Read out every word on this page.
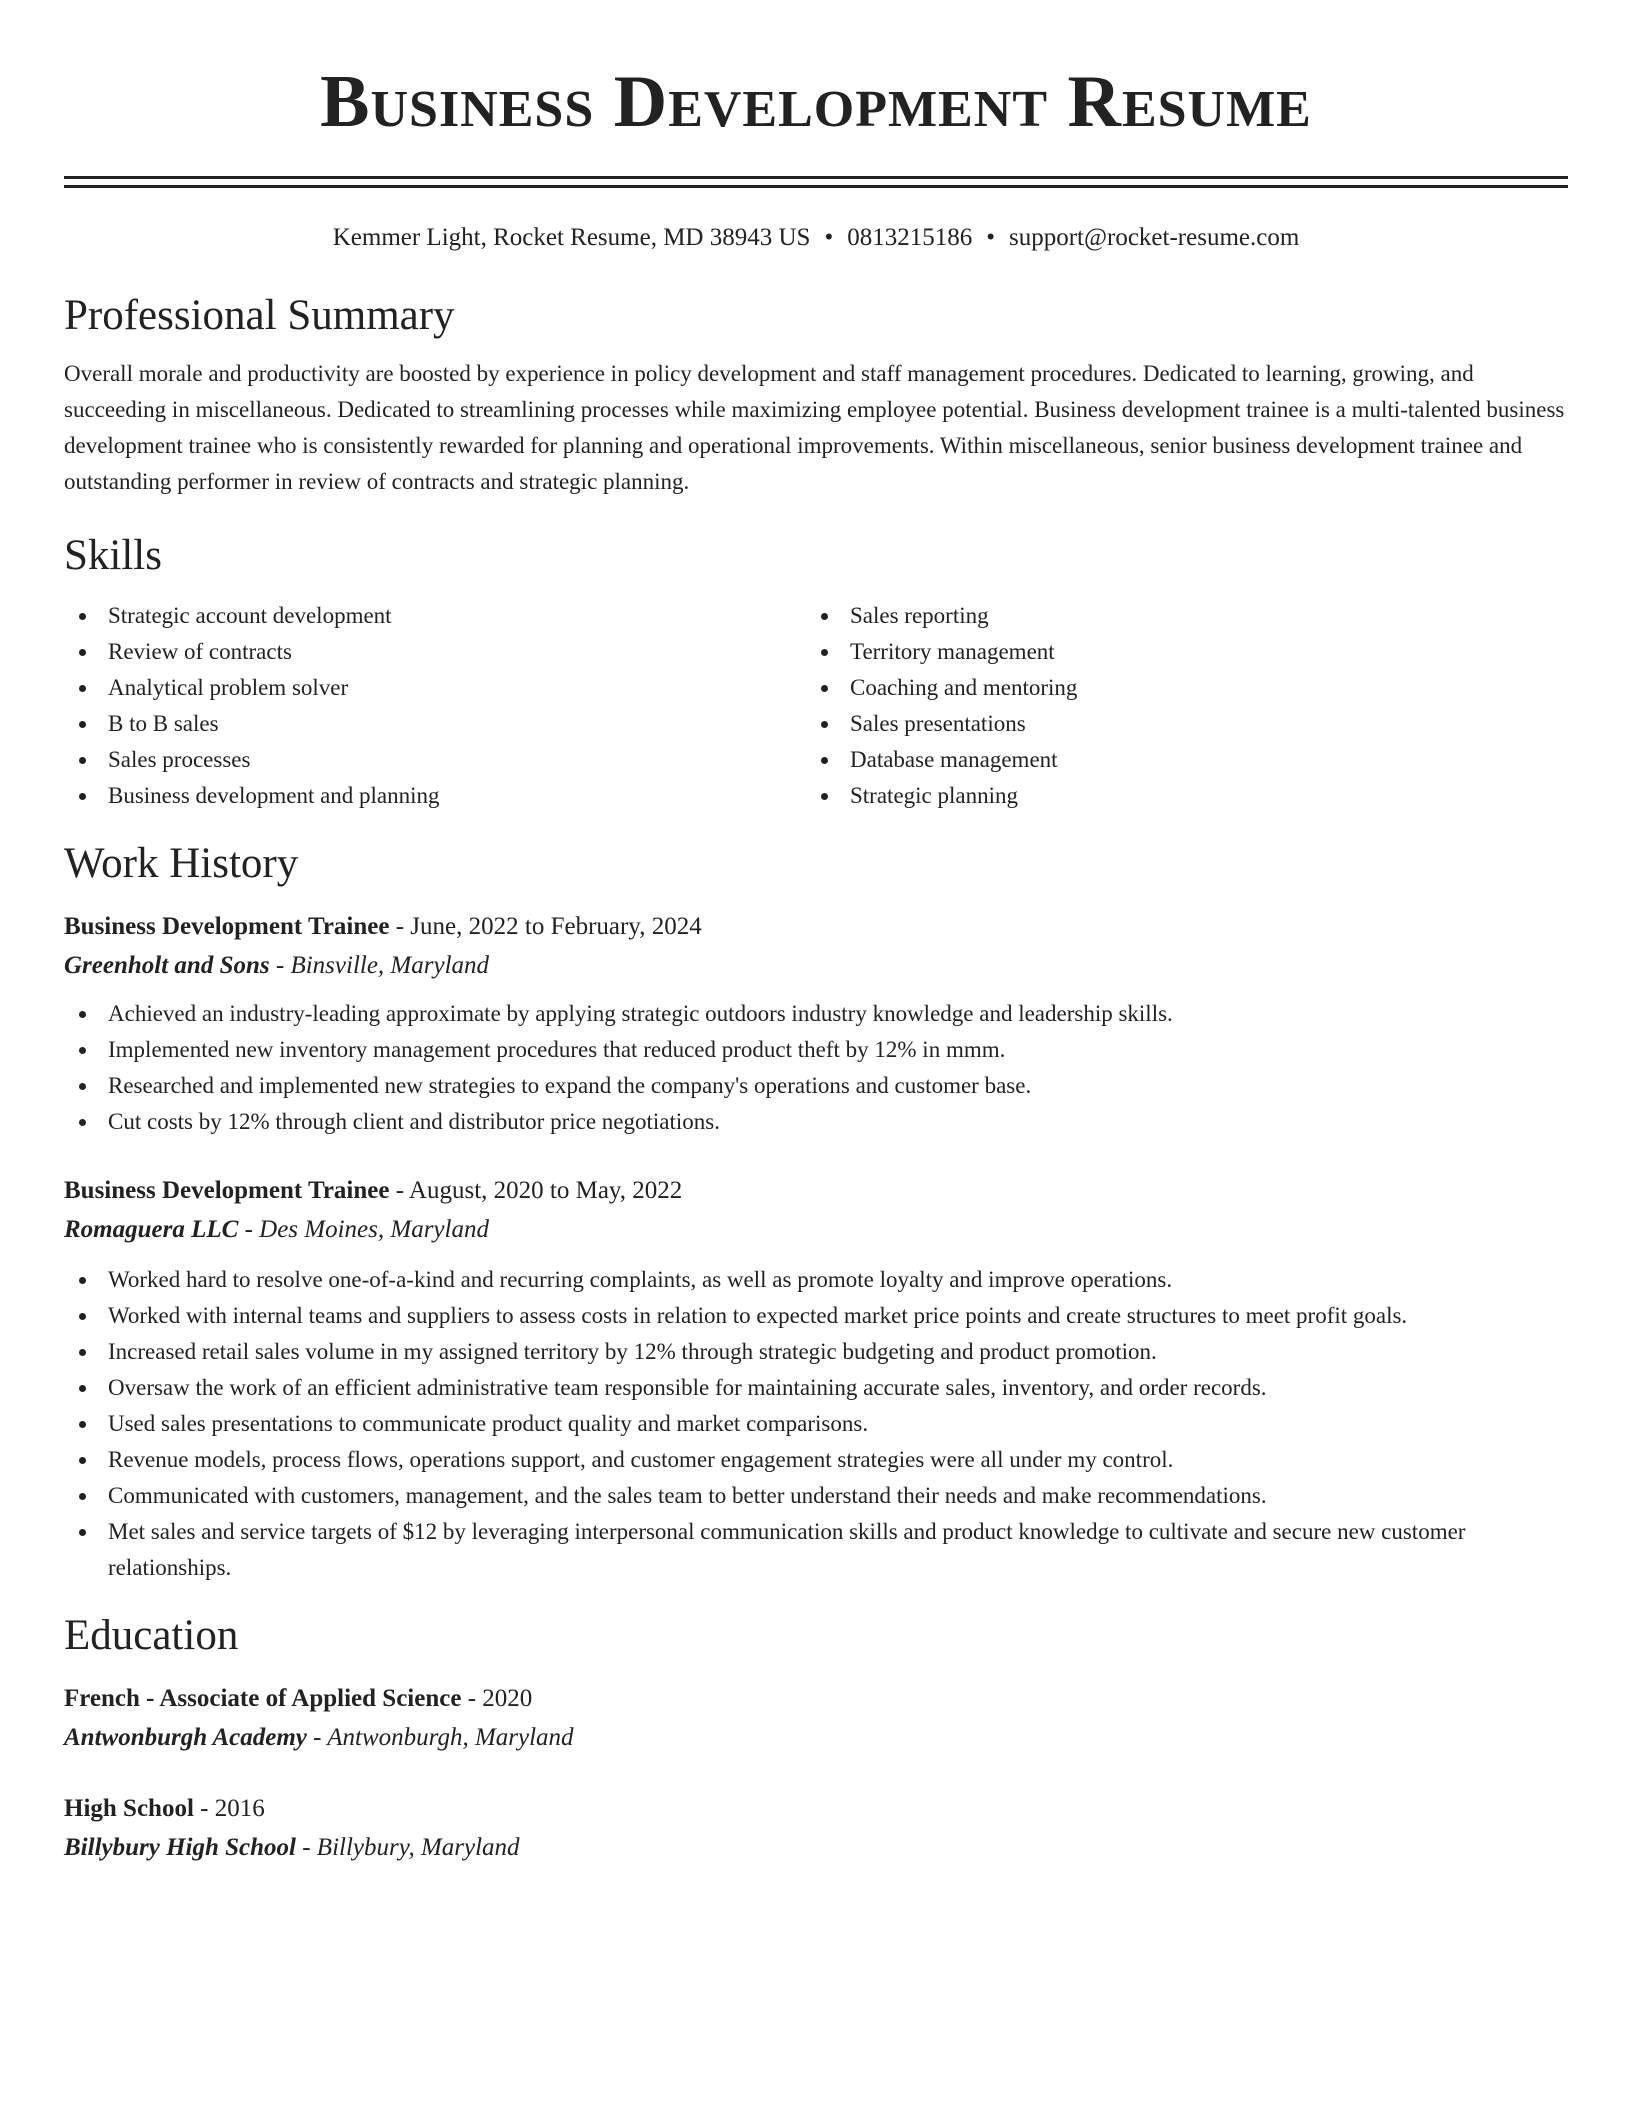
Business Development Resume
Kemmer Light, Rocket Resume, MD 38943 US • 0813215186 • support@rocket-resume.com
Professional Summary

Overall morale and productivity are boosted by experience in policy development and staff management procedures. Dedicated to learning, growing, and succeeding in miscellaneous. Dedicated to streamlining processes while maximizing employee potential. Business development trainee is a multi-talented business development trainee who is consistently rewarded for planning and operational improvements. Within miscellaneous, senior business development trainee and outstanding performer in review of contracts and strategic planning.

Skills
Strategic account development
Review of contracts
Analytical problem solver
B to B sales
Sales processes
Business development and planning
Sales reporting
Territory management
Coaching and mentoring
Sales presentations
Database management
Strategic planning
Work History
Business Development Trainee - June, 2022 to February, 2024
Greenholt and Sons - Binsville, Maryland
Achieved an industry-leading approximate by applying strategic outdoors industry knowledge and leadership skills.
Implemented new inventory management procedures that reduced product theft by 12% in mmm.
Researched and implemented new strategies to expand the company's operations and customer base.
Cut costs by 12% through client and distributor price negotiations.
Business Development Trainee - August, 2020 to May, 2022
Romaguera LLC - Des Moines, Maryland
Worked hard to resolve one-of-a-kind and recurring complaints, as well as promote loyalty and improve operations.
Worked with internal teams and suppliers to assess costs in relation to expected market price points and create structures to meet profit goals.
Increased retail sales volume in my assigned territory by 12% through strategic budgeting and product promotion.
Oversaw the work of an efficient administrative team responsible for maintaining accurate sales, inventory, and order records.
Used sales presentations to communicate product quality and market comparisons.
Revenue models, process flows, operations support, and customer engagement strategies were all under my control.
Communicated with customers, management, and the sales team to better understand their needs and make recommendations.
Met sales and service targets of $12 by leveraging interpersonal communication skills and product knowledge to cultivate and secure new customer relationships.
Education
French - Associate of Applied Science - 2020
Antwonburgh Academy - Antwonburgh, Maryland
High School - 2016
Billybury High School - Billybury, Maryland
